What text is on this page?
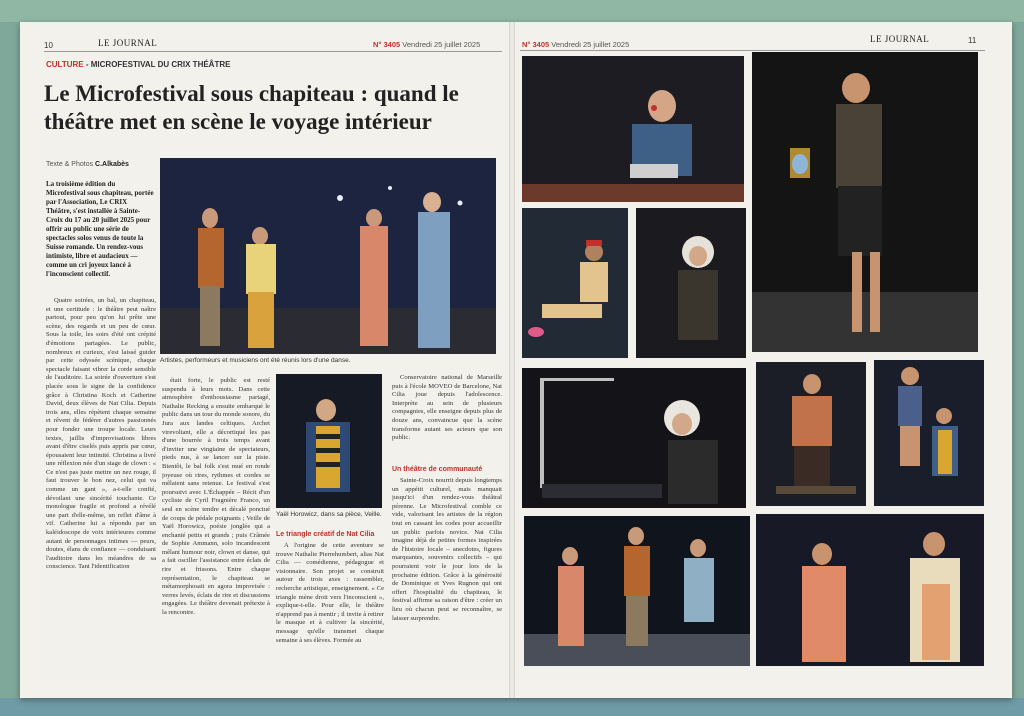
10	LE JOURNAL	N° 3405 Vendredi 25 juillet 2025
CULTURE - MICROFESTIVAL DU CRIX THÉÂTRE
Le Microfestival sous chapiteau : quand le théâtre met en scène le voyage intérieur
Texte & Photos C.Alkabès
La troisième édition du Microfestival sous chapiteau, portée par l'Association, Le CRIX Théâtre, s'est installée à Sainte-Croix du 17 au 20 juillet 2025 pour offrir au public une série de spectacles solos venus de toute la Suisse romande. Un rendez-vous intimiste, libre et audacieux — comme un cri joyeux lancé à l'inconscient collectif.
Artistes, performeurs et musiciens ont été réunis lors d'une danse.

Quatre soirées, un bal, un chapiteau, et une certitude : le théâtre peut naître partout, pour peu qu'on lui prête une scène, des regards et un peu de cœur. Sous la toile, les soirs d'été ont crépité d'émotions partagées. Le public, nombreux et curieux, s'est laissé guider par cette odyssée scénique, chaque spectacle faisant vibrer la corde sensible de l'auditoire. La soirée d'ouverture s'est placée sous le signe de la confidence grâce à Christina Koch et Catherine David, deux élèves de Nat Cilia. Depuis trois ans, elles répètent chaque semaine et rêvent de fédérer d'autres passionnés pour fonder une troupe locale. Leurs textes, jaillis d'improvisations libres avant d'être ciselés puis appris par cœur, épousaient leur intimité. Christina a livré une réflexion née d'un stage de clown : « Ce n'est pas juste mettre un nez rouge, il faut trouver le bon nez, celui qui va comme un gant », a-t-elle confié, dévoilant une sincérité touchante. Ce monologue fragile et profond a révélé une part d'elle-même, un reflet d'âme à vif. Catherine lui a répondu par un kaléidoscope de voix intérieures comme autant de personnages intimes — peurs, doutes, élans de confiance — conduisant l'auditoire dans les méandres de sa conscience. Tant l'identification

était forte, le public est resté suspendu à leurs mots. Dans cette atmosphère d'enthousiasme partagé, Nathalie Recking a ensuite embarqué le public dans un tour du monde sonore, du Jura aux landes celtiques. Archet virevoltant, elle a décortiqué les pas d'une bourrée à trois temps avant d'inviter une vingtaine de spectateurs, pieds nus, à se lancer sur la piste. Bientôt, le bal folk s'est mué en ronde joyeuse où rires, rythmes et cordes se mêlaient sans retenue. Le festival s'est poursuivi avec L'Échappée – Récit d'un cycliste de Cyril Fragnière Franco, un seul en scène tendre et décalé ponctué de coups de pédale poignants ; Veille de Yaël Horowicz, poésie jonglée qui a enchanté petits et grands ; puis Crâmée de Sophie Ammann, solo incandescent mêlant humour noir, clown et danse, qui a fait osciller l'assistance entre éclats de rire et frissons. Entre chaque représentation, le chapiteau se métamorphosait en agora improvisée : verres levés, éclats de rire et discussions engagées. Le théâtre devenait prétexte à la rencontre.

Yaël Horowicz, dans sa pièce, Veille.
Le triangle créatif de Nat Cilia

À l'origine de cette aventure se trouve Nathalie Pierrehumbert, alias Nat Cilia — comédienne, pédagogue et visionnaire. Son projet se construit autour de trois axes : rassembler, recherche artistique, enseignement. « Ce triangle mène droit vers l'inconscient », explique-t-elle. Pour elle, le théâtre n'apprend pas à mentir ; il invite à retirer le masque et à cultiver la sincérité, message qu'elle transmet chaque semaine à ses élèves. Formée au

N° 3405 Vendredi 25 juillet 2025
LE JOURNAL	11

Conservatoire national de Marseille puis à l'école MOVEO de Barcelone, Nat Cilia joue depuis l'adolescence. Interprète au sein de plusieurs compagnies, elle enseigne depuis plus de douze ans, convaincue que la scène transforme autant ses acteurs que son public.

Un théâtre de communauté

Sainte-Croix nourrit depuis longtemps un appétit culturel, mais manquait jusqu'ici d'un rendez-vous théâtral pérenne. Le Microfestival comble ce vide, valorisant les artistes de la région tout en cassant les codes pour accueillir un public parfois novice. Nat Cilia imagine déjà de petites formes inspirées de l'histoire locale – anecdotes, figures marquantes, souvenirs collectifs – qui pourraient voir le jour lors de la prochaine édition. Grâce à la générosité de Dominique et Yves Rugnon qui ont offert l'hospitalité du chapiteau, le festival affirme sa raison d'être : créer un lieu où chacun peut se reconnaître, se laisser surprendre.
